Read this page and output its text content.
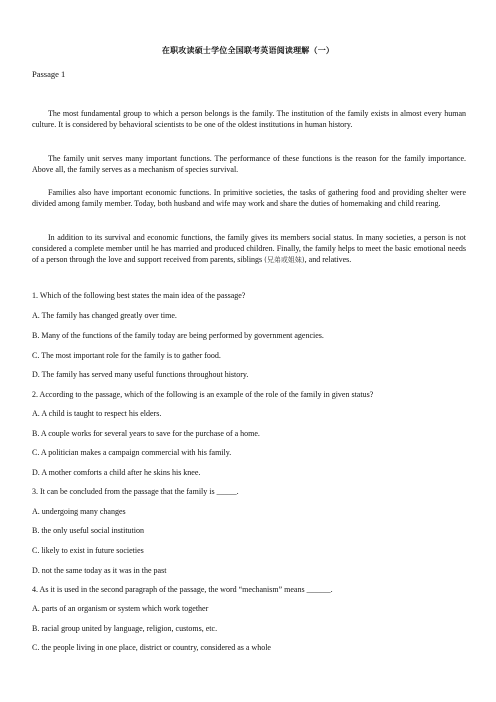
在职攻读硕士学位全国联考英语阅读理解（一）
Passage 1

The most fundamental group to which a person belongs is the family. The institution of the family exists in almost every human culture. It is considered by behavioral scientists to be one of the oldest institutions in human history.

The family unit serves many important functions. The performance of these functions is the reason for the family importance. Above all, the family serves as a mechanism of species survival.

Families also have important economic functions. In primitive societies, the tasks of gathering food and providing shelter were divided among family member. Today, both husband and wife may work and share the duties of homemaking and child rearing.

In addition to its survival and economic functions, the family gives its members social status. In many societies, a person is not considered a complete member until he has married and produced children. Finally, the family helps to meet the basic emotional needs of a person through the love and support received from parents, siblings (兄弟或姐妹), and relatives.

1. Which of the following best states the main idea of the passage?

A. The family has changed greatly over time.

B. Many of the functions of the family today are being performed by government agencies.

C. The most important role for the family is to gather food.

D. The family has served many useful functions throughout history.

2. According to the passage, which of the following is an example of the role of the family in given status?

A. A child is taught to respect his elders.

B. A couple works for several years to save for the purchase of a home.

C. A politician makes a campaign commercial with his family.

D. A mother comforts a child after he skins his knee.

3. It can be concluded from the passage that the family is _____.

A. undergoing many changes

B. the only useful social institution

C. likely to exist in future societies

D. not the same today as it was in the past

4. As it is used in the second paragraph of the passage, the word “mechanism” means ______.

A. parts of an organism or system which work together

B. racial group united by language, religion, customs, etc.

C. the people living in one place, district or country, considered as a whole
